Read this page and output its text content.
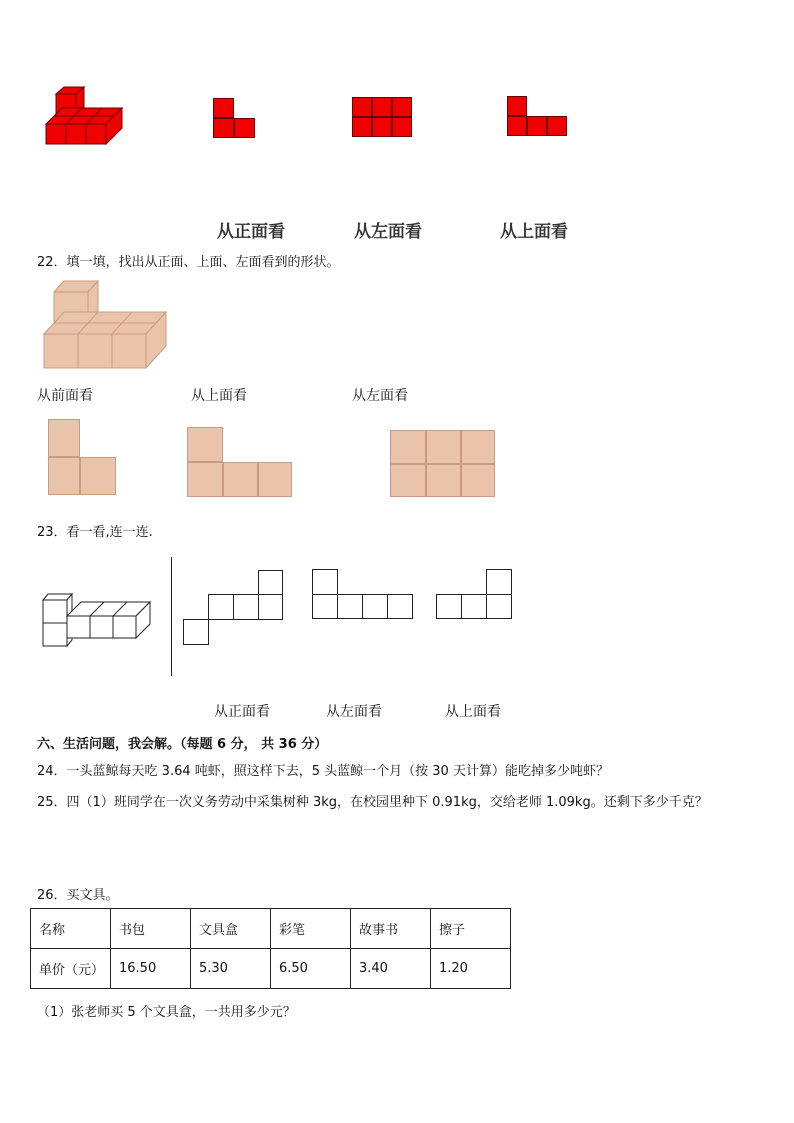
从正面看	从左面看	从上面看
22．填一填，找出从正面、上面、左面看到的形状。
从前面看	从上面看	从左面看
23．看一看,连一连.
从正面看	从左面看	从上面看
六、生活问题，我会解。（每题 6 分， 共 36 分）
24．一头蓝鲸每天吃 3.64 吨虾，照这样下去，5 头蓝鲸一个月（按 30 天计算）能吃掉多少吨虾？
25．四（1）班同学在一次义务劳动中采集树种 3kg，在校园里种下 0.91kg，交给老师 1.09kg。还剩下多少千克？
26．买文具。
名称	书包	文具盒	彩笔	故事书	擦子
单价（元）	16.50	5.30	6.50	3.40	1.20
（1）张老师买 5 个文具盒，一共用多少元？
